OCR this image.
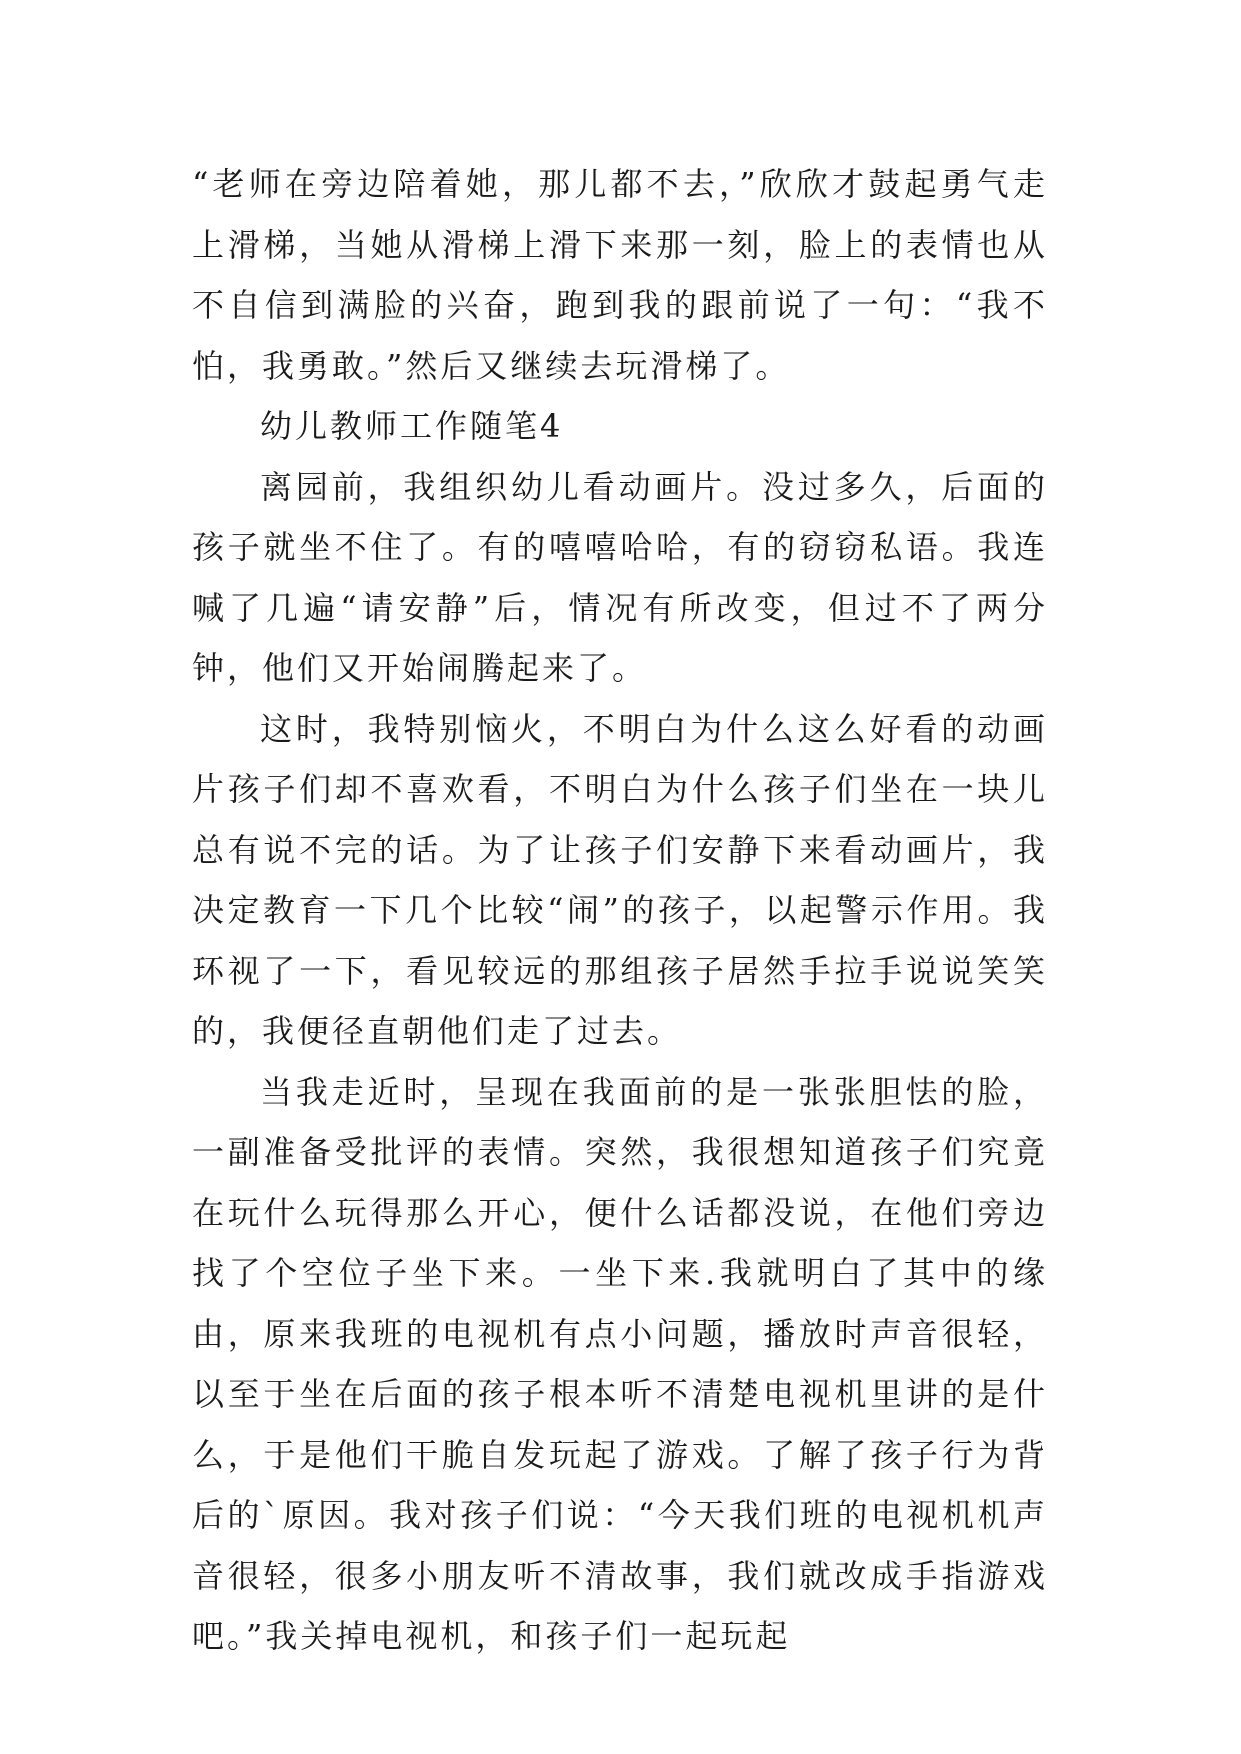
“老师在旁边陪着她，那儿都不去，”欣欣才鼓起勇气走上滑梯，当她从滑梯上滑下来那一刻，脸上的表情也从不自信到满脸的兴奋，跑到我的跟前说了一句：“我不怕，我勇敢。”然后又继续去玩滑梯了。

幼儿教师工作随笔4

离园前，我组织幼儿看动画片。没过多久，后面的孩子就坐不住了。有的嘻嘻哈哈，有的窃窃私语。我连喊了几遍“请安静”后，情况有所改变，但过不了两分钟，他们又开始闹腾起来了。

这时，我特别恼火，不明白为什么这么好看的动画片孩子们却不喜欢看，不明白为什么孩子们坐在一块儿总有说不完的话。为了让孩子们安静下来看动画片，我决定教育一下几个比较“闹”的孩子，以起警示作用。我环视了一下，看见较远的那组孩子居然手拉手说说笑笑的，我便径直朝他们走了过去。

当我走近时，呈现在我面前的是一张张胆怯的脸，一副准备受批评的表情。突然，我很想知道孩子们究竟在玩什么玩得那么开心，便什么话都没说，在他们旁边找了个空位子坐下来。一坐下来.我就明白了其中的缘由，原来我班的电视机有点小问题，播放时声音很轻，以至于坐在后面的孩子根本听不清楚电视机里讲的是什么，于是他们干脆自发玩起了游戏。了解了孩子行为背后的`原因。我对孩子们说：“今天我们班的电视机机声音很轻，很多小朋友听不清故事，我们就改成手指游戏吧。”我关掉电视机，和孩子们一起玩起
